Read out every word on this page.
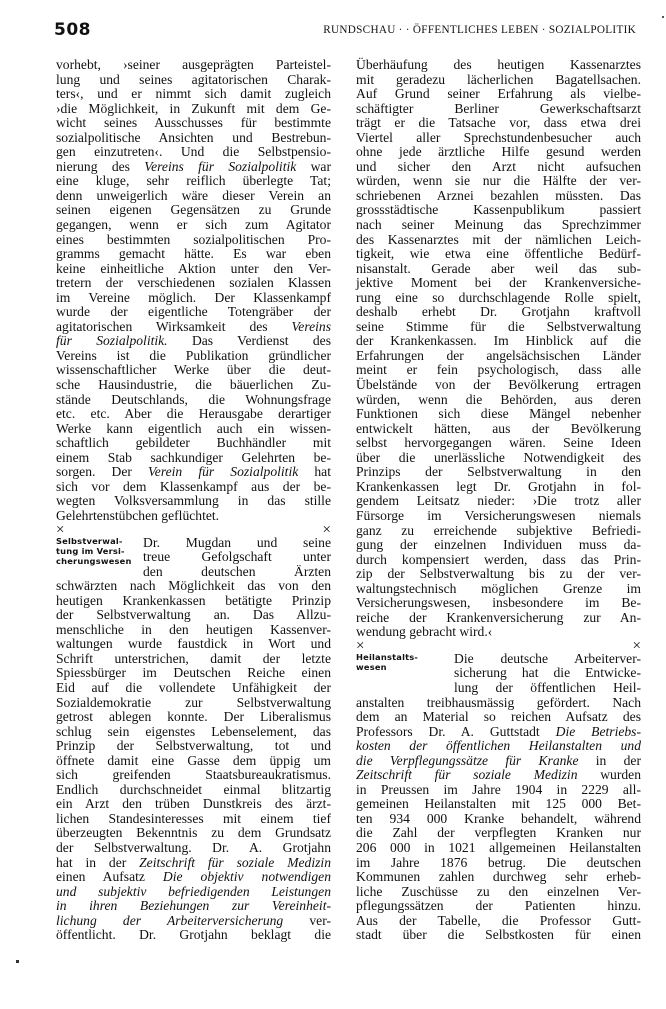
508	RUNDSCHAU · · ÖFFENTLICHES LEBEN · SOZIALPOLITIK
vorhebt, ›seiner ausgeprägten Parteistel-
lung und seines agitatorischen Charak-
ters‹, und er nimmt sich damit zugleich
›die Möglichkeit, in Zukunft mit dem Ge-
wicht seines Ausschusses für bestimmte
sozialpolitische Ansichten und Bestrebun-
gen einzutreten‹. Und die Selbstpensio-
nierung des Vereins für Sozialpolitik war
eine kluge, sehr reiflich überlegte Tat;
denn unweigerlich wäre dieser Verein an
seinen eigenen Gegensätzen zu Grunde
gegangen, wenn er sich zum Agitator
eines bestimmten sozialpolitischen Pro-
gramms gemacht hätte. Es war eben
keine einheitliche Aktion unter den Ver-
tretern der verschiedenen sozialen Klassen
im Vereine möglich. Der Klassenkampf
wurde der eigentliche Totengräber der
agitatorischen Wirksamkeit des Vereins
für Sozialpolitik. Das Verdienst des
Vereins ist die Publikation gründlicher
wissenschaftlicher Werke über die deut-
sche Hausindustrie, die bäuerlichen Zu-
stände Deutschlands, die Wohnungsfrage
etc. etc. Aber die Herausgabe derartiger
Werke kann eigentlich auch ein wissen-
schaftlich gebildeter Buchhändler mit
einem Stab sachkundiger Gelehrten be-
sorgen. Der Verein für Sozialpolitik hat
sich vor dem Klassenkampf aus der be-
wegten Volksversammlung in das stille
Gelehrtenstübchen geflüchtet.
×	×
Selbstverwal-
tung im Versi-
cherungswesen
Dr. Mugdan und seine
treue Gefolgschaft unter
den deutschen Ärzten
schwärzten nach Möglichkeit das von den
heutigen Krankenkassen betätigte Prinzip
der Selbstverwaltung an. Das Allzu-
menschliche in den heutigen Kassenver-
waltungen wurde faustdick in Wort und
Schrift unterstrichen, damit der letzte
Spiessbürger im Deutschen Reiche einen
Eid auf die vollendete Unfähigkeit der
Sozialdemokratie zur Selbstverwaltung
getrost ablegen konnte. Der Liberalismus
schlug sein eigenstes Lebenselement, das
Prinzip der Selbstverwaltung, tot und
öffnete damit eine Gasse dem üppig um
sich greifenden Staatsbureaukratismus.
Endlich durchschneidet einmal blitzartig
ein Arzt den trüben Dunstkreis des ärzt-
lichen Standesinteresses mit einem tief
überzeugten Bekenntnis zu dem Grundsatz
der Selbstverwaltung. Dr. A. Grotjahn
hat in der Zeitschrift für soziale Medizin
einen Aufsatz Die objektiv notwendigen
und subjektiv befriedigenden Leistungen
in ihren Beziehungen zur Vereinheit-
lichung der Arbeiterversicherung ver-
öffentlicht. Dr. Grotjahn beklagt die
Überhäufung des heutigen Kassenarztes
mit geradezu lächerlichen Bagatellsachen.
Auf Grund seiner Erfahrung als vielbe-
schäftigter Berliner Gewerkschaftsarzt
trägt er die Tatsache vor, dass etwa drei
Viertel aller Sprechstundenbesucher auch
ohne jede ärztliche Hilfe gesund werden
und sicher den Arzt nicht aufsuchen
würden, wenn sie nur die Hälfte der ver-
schriebenen Arznei bezahlen müssten. Das
grossstädtische Kassenpublikum passiert
nach seiner Meinung das Sprechzimmer
des Kassenarztes mit der nämlichen Leich-
tigkeit, wie etwa eine öffentliche Bedürf-
nisanstalt. Gerade aber weil das sub-
jektive Moment bei der Krankenversiche-
rung eine so durchschlagende Rolle spielt,
deshalb erhebt Dr. Grotjahn kraftvoll
seine Stimme für die Selbstverwaltung
der Krankenkassen. Im Hinblick auf die
Erfahrungen der angelsächsischen Länder
meint er fein psychologisch, dass alle
Übelstände von der Bevölkerung ertragen
würden, wenn die Behörden, aus deren
Funktionen sich diese Mängel nebenher
entwickelt hätten, aus der Bevölkerung
selbst hervorgegangen wären. Seine Ideen
über die unerlässliche Notwendigkeit des
Prinzips der Selbstverwaltung in den
Krankenkassen legt Dr. Grotjahn in fol-
gendem Leitsatz nieder: ›Die trotz aller
Fürsorge im Versicherungswesen niemals
ganz zu erreichende subjektive Befriedi-
gung der einzelnen Individuen muss da-
durch kompensiert werden, dass das Prin-
zip der Selbstverwaltung bis zu der ver-
waltungstechnisch möglichen Grenze im
Versicherungswesen, insbesondere im Be-
reiche der Krankenversicherung zur An-
wendung gebracht wird.‹
×	×
Heilanstalts-
wesen
Die deutsche Arbeiterver-
sicherung hat die Entwicke-
lung der öffentlichen Heil-
anstalten treibhausmässig gefördert. Nach
dem an Material so reichen Aufsatz des
Professors Dr. A. Guttstadt Die Betriebs-
kosten der öffentlichen Heilanstalten und
die Verpflegungssätze für Kranke in der
Zeitschrift für soziale Medizin wurden
in Preussen im Jahre 1904 in 2229 all-
gemeinen Heilanstalten mit 125 000 Bet-
ten 934 000 Kranke behandelt, während
die Zahl der verpflegten Kranken nur
206 000 in 1021 allgemeinen Heilanstalten
im Jahre 1876 betrug. Die deutschen
Kommunen zahlen durchweg sehr erheb-
liche Zuschüsse zu den einzelnen Ver-
pflegungssätzen der Patienten hinzu.
Aus der Tabelle, die Professor Gutt-
stadt über die Selbstkosten für einen
